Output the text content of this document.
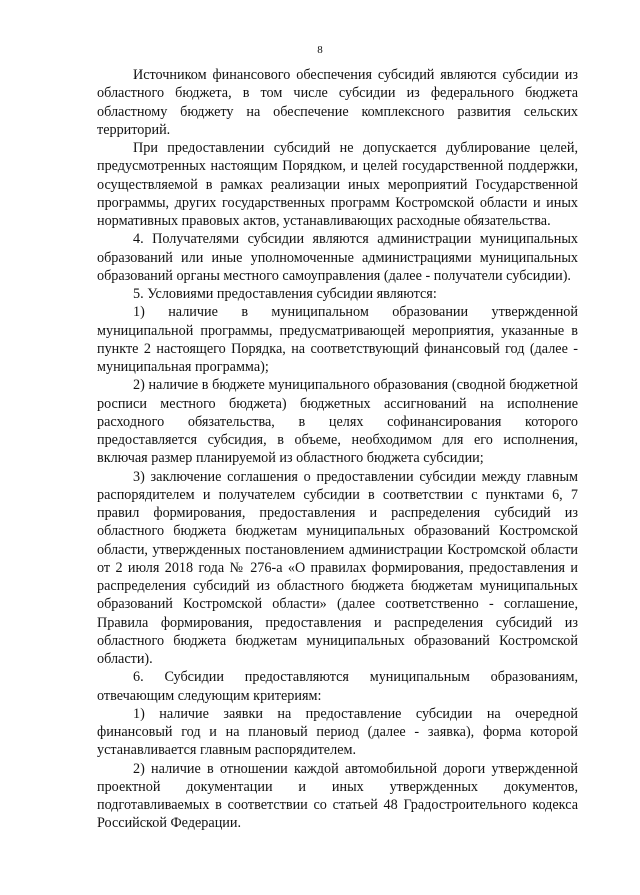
8

Источником финансового обеспечения субсидий являются субсидии из областного бюджета, в том числе субсидии из федерального бюджета областному бюджету на обеспечение комплексного развития сельских территорий.

При предоставлении субсидий не допускается дублирование целей, предусмотренных настоящим Порядком, и целей государственной поддержки, осуществляемой в рамках реализации иных мероприятий Государственной программы, других государственных программ Костромской области и иных нормативных правовых актов, устанавливающих расходные обязательства.

4. Получателями субсидии являются администрации муниципальных образований или иные уполномоченные администрациями муниципальных образований органы местного самоуправления (далее - получатели субсидии).

5. Условиями предоставления субсидии являются:

1) наличие в муниципальном образовании утвержденной муниципальной программы, предусматривающей мероприятия, указанные в пункте 2 настоящего Порядка, на соответствующий финансовый год (далее - муниципальная программа);

2) наличие в бюджете муниципального образования (сводной бюджетной росписи местного бюджета) бюджетных ассигнований на исполнение расходного обязательства, в целях софинансирования которого предоставляется субсидия, в объеме, необходимом для его исполнения, включая размер планируемой из областного бюджета субсидии;

3) заключение соглашения о предоставлении субсидии между главным распорядителем и получателем субсидии в соответствии с пунктами 6, 7 правил формирования, предоставления и распределения субсидий из областного бюджета бюджетам муниципальных образований Костромской области, утвержденных постановлением администрации Костромской области от 2 июля 2018 года № 276-а «О правилах формирования, предоставления и распределения субсидий из областного бюджета бюджетам муниципальных образований Костромской области» (далее соответственно - соглашение, Правила формирования, предоставления и распределения субсидий из областного бюджета бюджетам муниципальных образований Костромской области).

6. Субсидии предоставляются муниципальным образованиям, отвечающим следующим критериям:

1) наличие заявки на предоставление субсидии на очередной финансовый год и на плановый период (далее - заявка), форма которой устанавливается главным распорядителем.

2) наличие в отношении каждой автомобильной дороги утвержденной проектной документации и иных утвержденных документов, подготавливаемых в соответствии со статьей 48 Градостроительного кодекса Российской Федерации.
